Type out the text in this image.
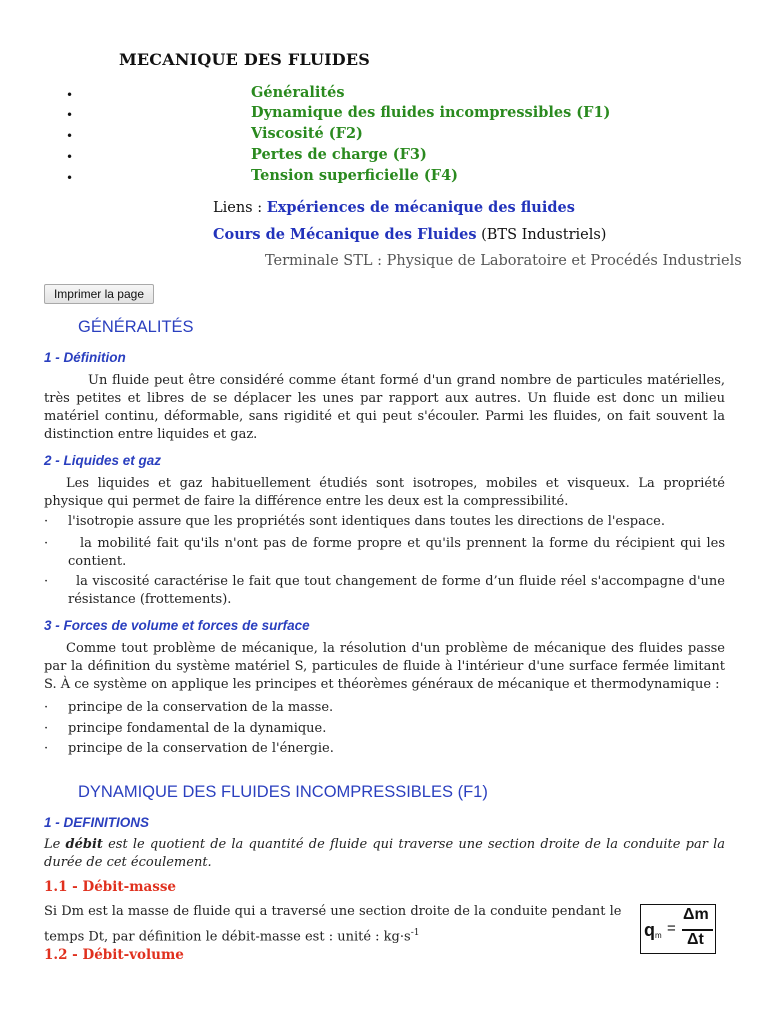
MECANIQUE DES FLUIDES
•	Généralités
•	Dynamique des fluides incompressibles (F1)
•	Viscosité (F2)
•	Pertes de charge (F3)
•	Tension superficielle (F4)
Liens : Expériences de mécanique des fluides
Cours de Mécanique des Fluides (BTS Industriels)
Terminale STL : Physique de Laboratoire et Procédés Industriels
Imprimer la page
GÉNÉRALITÉS
1 - Définition
Un fluide peut être considéré comme étant formé d'un grand nombre de particules matérielles, très petites et libres de se déplacer les unes par rapport aux autres. Un fluide est donc un milieu matériel continu, déformable, sans rigidité et qui peut s'écouler. Parmi les fluides, on fait souvent la distinction entre liquides et gaz.
2 - Liquides et gaz
Les liquides et gaz habituellement étudiés sont isotropes, mobiles et visqueux. La propriété physique qui permet de faire la différence entre les deux est la compressibilité.
· l'isotropie assure que les propriétés sont identiques dans toutes les directions de l'espace.
·	la mobilité fait qu'ils n'ont pas de forme propre et qu'ils prennent la forme du récipient qui les contient.
·	la viscosité caractérise le fait que tout changement de forme d’un fluide réel s'accompagne d'une résistance (frottements).
3 - Forces de volume et forces de surface
Comme tout problème de mécanique, la résolution d'un problème de mécanique des fluides passe par la définition du système matériel S, particules de fluide à l'intérieur d'une surface fermée limitant S. À ce système on applique les principes et théorèmes généraux de mécanique et thermodynamique :
· principe de la conservation de la masse.
· principe fondamental de la dynamique.
· principe de la conservation de l'énergie.
DYNAMIQUE DES FLUIDES INCOMPRESSIBLES (F1)
1 - DEFINITIONS
Le débit est le quotient de la quantité de fluide qui traverse une section droite de la conduite par la durée de cet écoulement.
1.1 - Débit-masse
Si Dm est la masse de fluide qui a traversé une section droite de la conduite pendant le
temps Dt, par définition le débit-masse est : unité : $kg\cdot s^{-1}$
1.2 - Débit-volume
q m =
Δm
Δt
